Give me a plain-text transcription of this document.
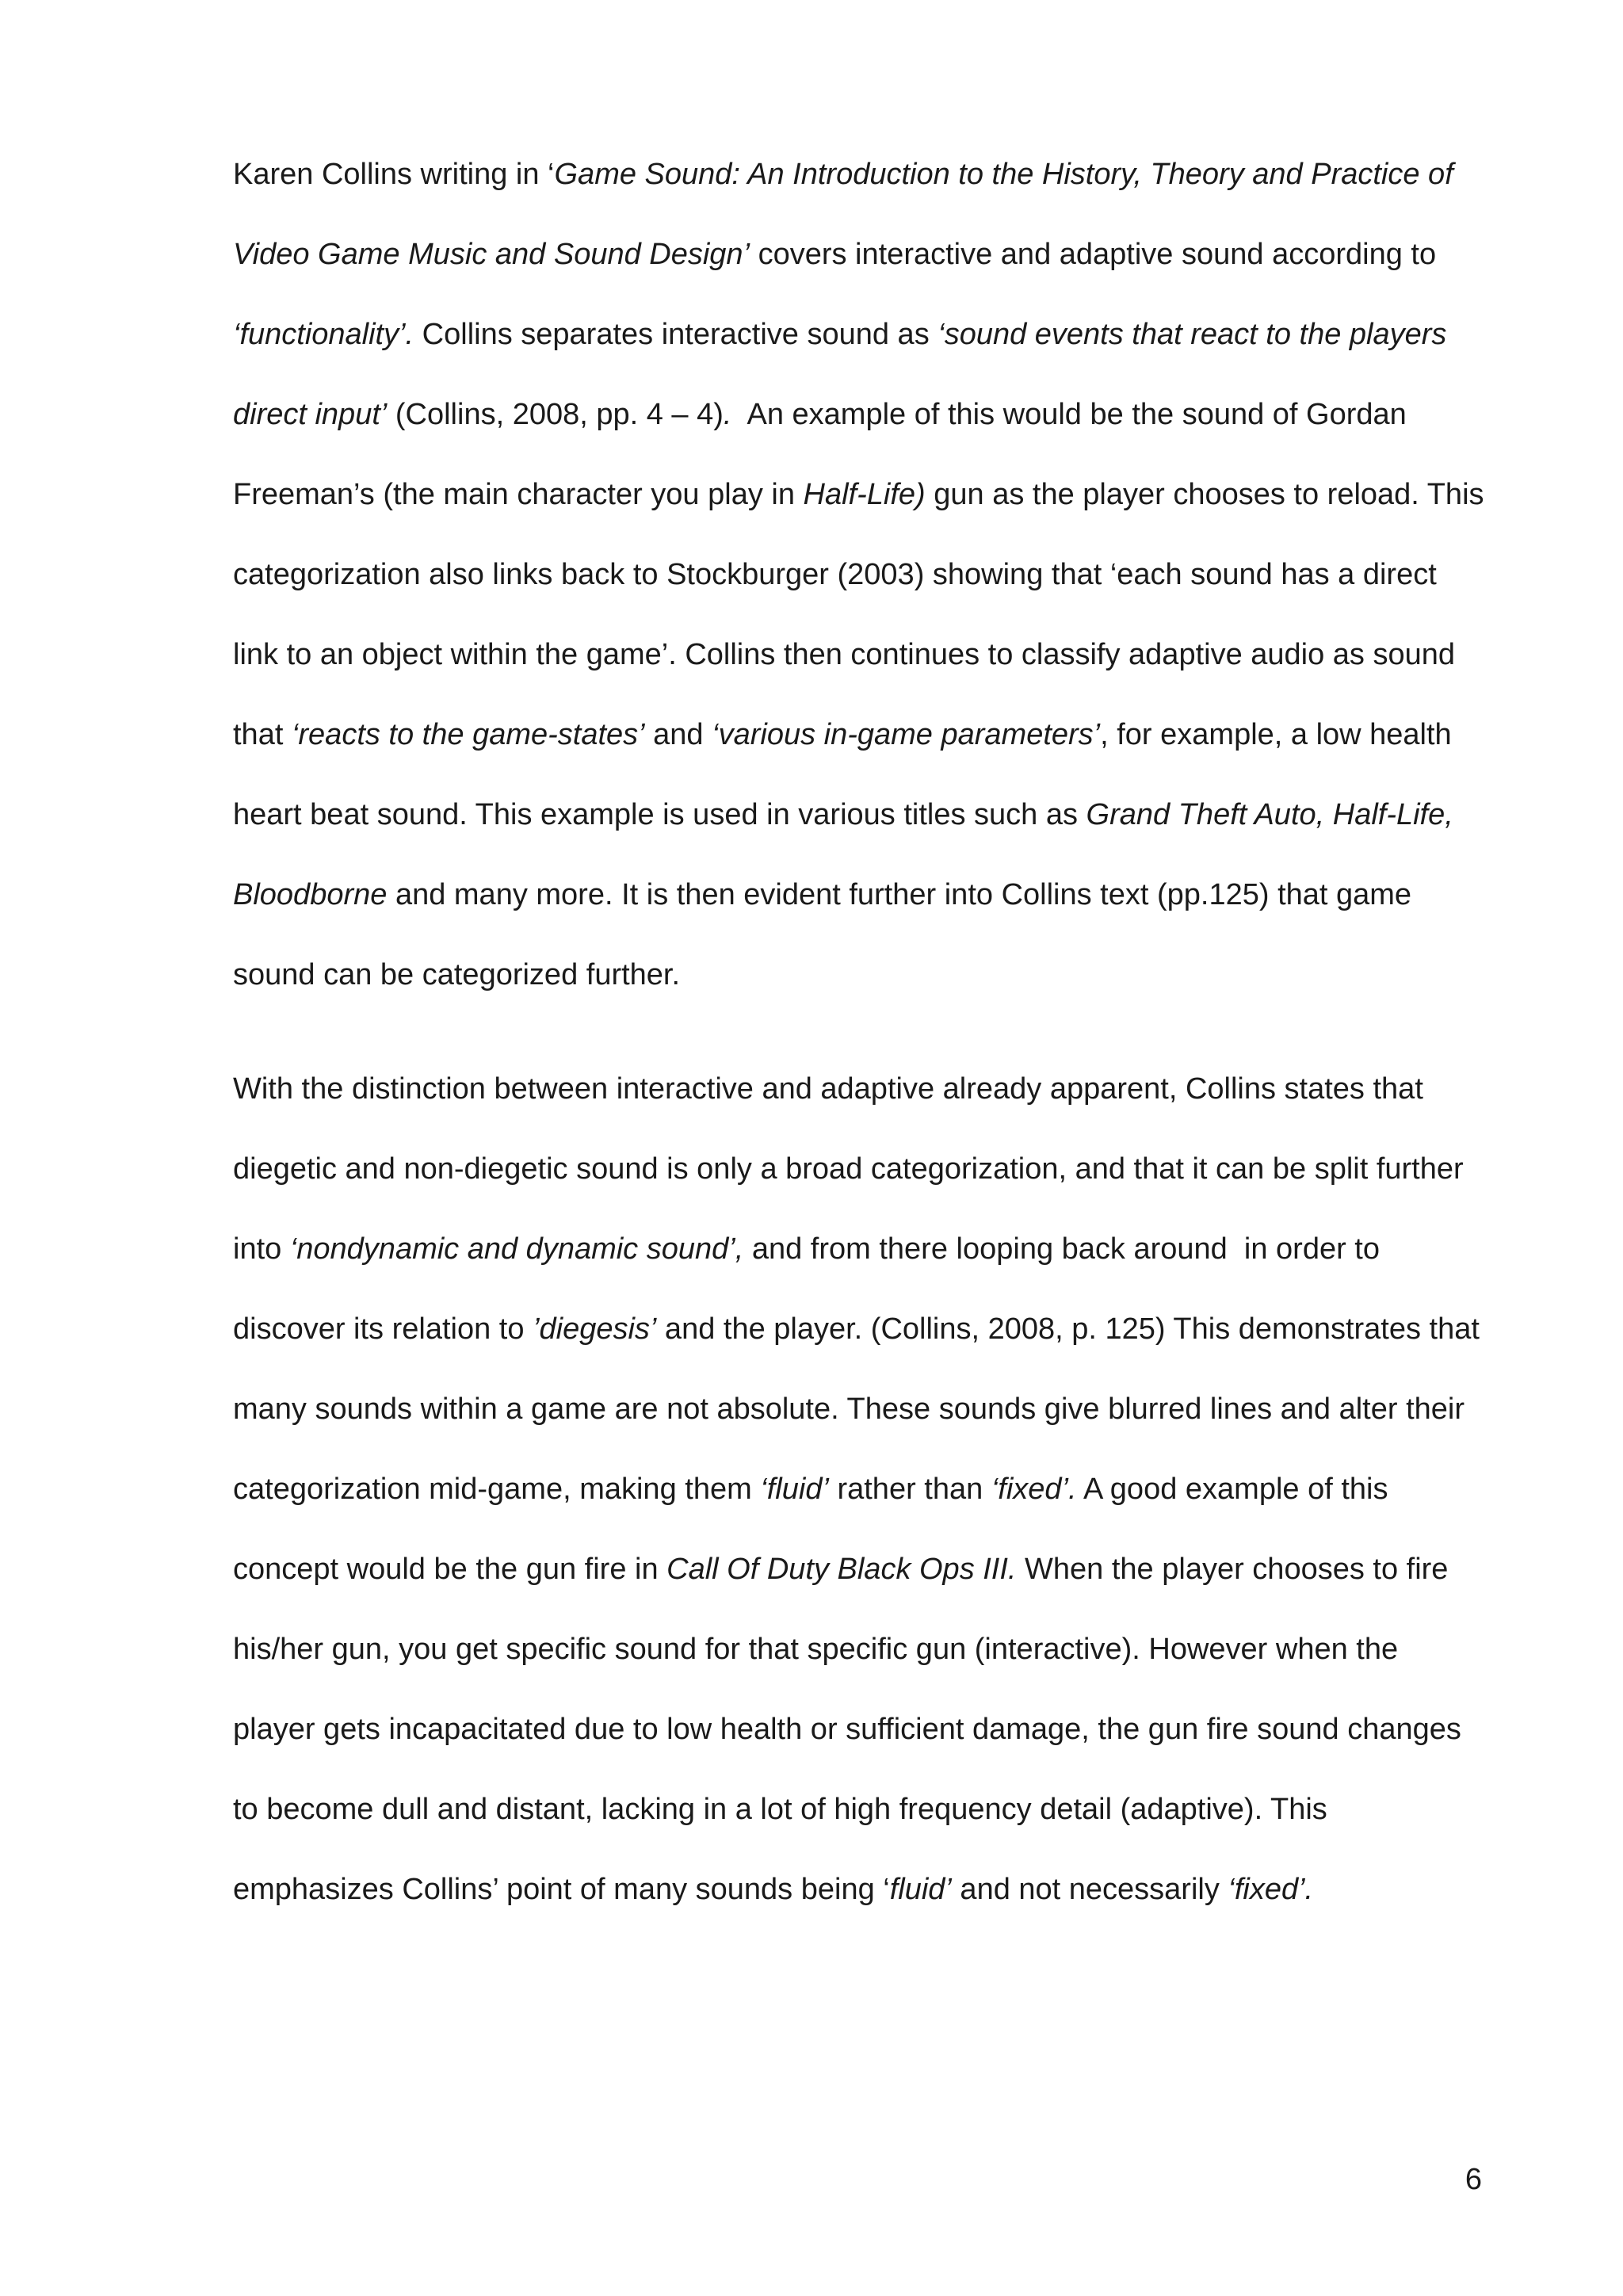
Karen Collins writing in ‘Game Sound: An Introduction to the History, Theory and Practice of
Video Game Music and Sound Design’ covers interactive and adaptive sound according to
‘functionality’. Collins separates interactive sound as ‘sound events that react to the players
direct input’ (Collins, 2008, pp. 4 – 4).  An example of this would be the sound of Gordan
Freeman’s (the main character you play in Half-Life) gun as the player chooses to reload. This
categorization also links back to Stockburger (2003) showing that ‘each sound has a direct
link to an object within the game’. Collins then continues to classify adaptive audio as sound
that ‘reacts to the game-states’ and ‘various in-game parameters’, for example, a low health
heart beat sound. This example is used in various titles such as Grand Theft Auto, Half-Life,
Bloodborne and many more. It is then evident further into Collins text (pp.125) that game
sound can be categorized further.
With the distinction between interactive and adaptive already apparent, Collins states that
diegetic and non-diegetic sound is only a broad categorization, and that it can be split further
into ‘nondynamic and dynamic sound’, and from there looping back around  in order to
discover its relation to ’diegesis’ and the player. (Collins, 2008, p. 125) This demonstrates that
many sounds within a game are not absolute. These sounds give blurred lines and alter their
categorization mid-game, making them ‘fluid’ rather than ‘fixed’. A good example of this
concept would be the gun fire in Call Of Duty Black Ops III. When the player chooses to fire
his/her gun, you get specific sound for that specific gun (interactive). However when the
player gets incapacitated due to low health or sufficient damage, the gun fire sound changes
to become dull and distant, lacking in a lot of high frequency detail (adaptive). This
emphasizes Collins’ point of many sounds being ‘fluid’ and not necessarily ‘fixed’.
6
